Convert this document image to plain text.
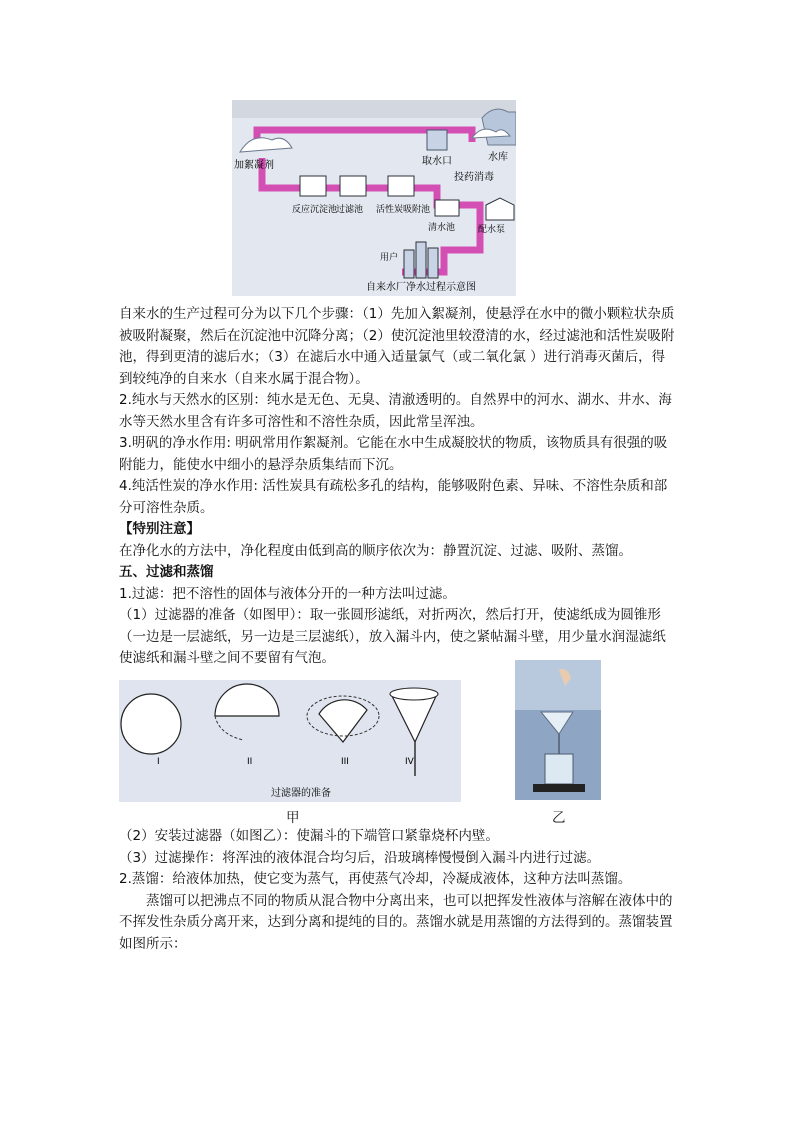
加絮凝剂	取水口	水库
投药消毒
反应沉淀池
过滤池 活性炭吸附池
清水池	配水泵
用户
自来水厂净水过程示意图

自来水的生产过程可分为以下几个步骤：（1）先加入絮凝剂，使悬浮在水中的微小颗粒状杂质被吸附凝聚，然后在沉淀池中沉降分离；（2）使沉淀池里较澄清的水，经过滤池和活性炭吸附池，得到更清的滤后水；（3）在滤后水中通入适量氯气（或二氧化氯 ）进行消毒灭菌后，得到较纯净的自来水（自来水属于混合物）。

2.纯水与天然水的区别：纯水是无色、无臭、清澈透明的。自然界中的河水、湖水、井水、海水等天然水里含有许多可溶性和不溶性杂质，因此常呈浑浊。

3.明矾的净水作用: 明矾常用作絮凝剂。它能在水中生成凝胶状的物质，该物质具有很强的吸附能力，能使水中细小的悬浮杂质集结而下沉。

4.纯活性炭的净水作用: 活性炭具有疏松多孔的结构，能够吸附色素、异味、不溶性杂质和部分可溶性杂质。

【特别注意】

在净化水的方法中，净化程度由低到高的顺序依次为：静置沉淀、过滤、吸附、蒸馏。

五、过滤和蒸馏

1.过滤：把不溶性的固体与液体分开的一种方法叫过滤。

（1）过滤器的准备（如图甲）：取一张圆形滤纸，对折两次，然后打开，使滤纸成为圆锥形（一边是一层滤纸，另一边是三层滤纸），放入漏斗内，使之紧帖漏斗壁，用少量水润湿滤纸使滤纸和漏斗壁之间不要留有气泡。

I	II	III	IV
过滤器的准备
甲	乙

（2）安装过滤器（如图乙）：使漏斗的下端管口紧靠烧杯内壁。

（3）过滤操作：将浑浊的液体混合均匀后，沿玻璃棒慢慢倒入漏斗内进行过滤。

2.蒸馏：给液体加热，使它变为蒸气，再使蒸气冷却，冷凝成液体，这种方法叫蒸馏。

蒸馏可以把沸点不同的物质从混合物中分离出来，也可以把挥发性液体与溶解在液体中的不挥发性杂质分离开来，达到分离和提纯的目的。蒸馏水就是用蒸馏的方法得到的。蒸馏装置如图所示：
